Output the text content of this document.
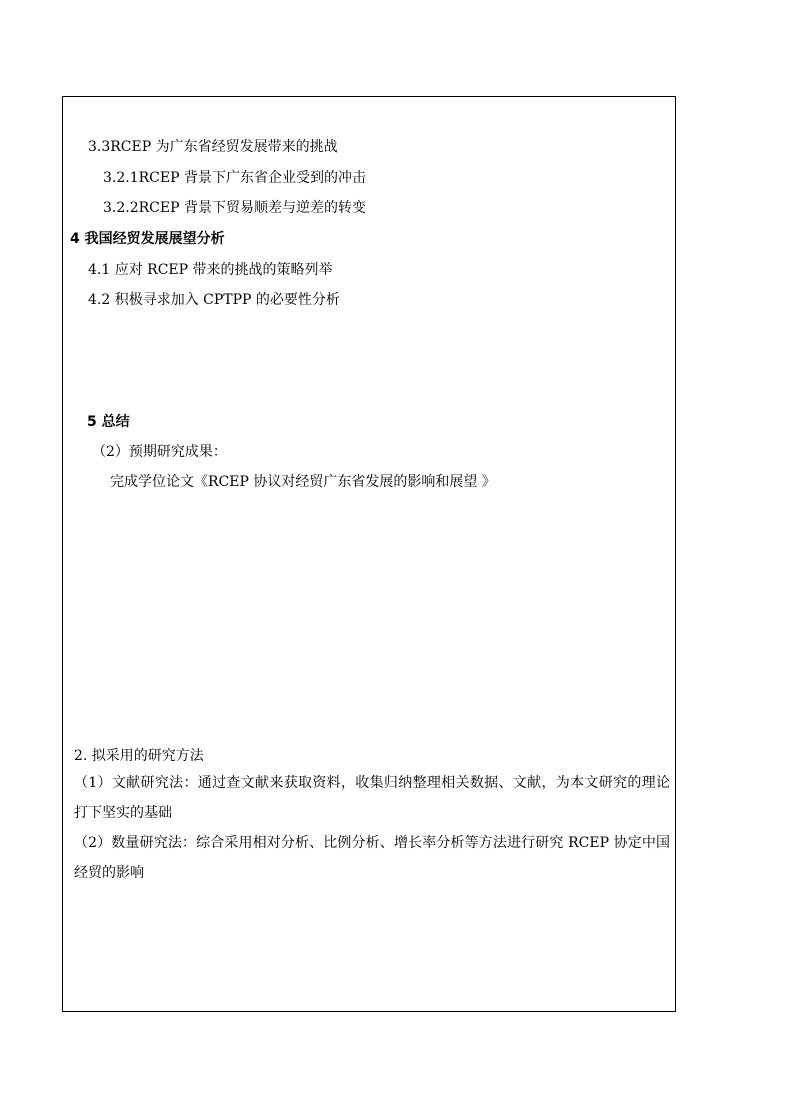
3.3RCEP 为广东省经贸发展带来的挑战
3.2.1RCEP 背景下广东省企业受到的冲击
3.2.2RCEP 背景下贸易顺差与逆差的转变
4 我国经贸发展展望分析
4.1 应对 RCEP 带来的挑战的策略列举
4.2 积极寻求加入 CPTPP 的必要性分析
5 总结
（2）预期研究成果：
完成学位论文《RCEP 协议对经贸广东省发展的影响和展望 》
2. 拟采用的研究方法
（1）文献研究法：通过查文献来获取资料，收集归纳整理相关数据、文献，为本文研究的理论打下坚实的基础
（2）数量研究法：综合采用相对分析、比例分析、增长率分析等方法进行研究 RCEP 协定中国经贸的影响
